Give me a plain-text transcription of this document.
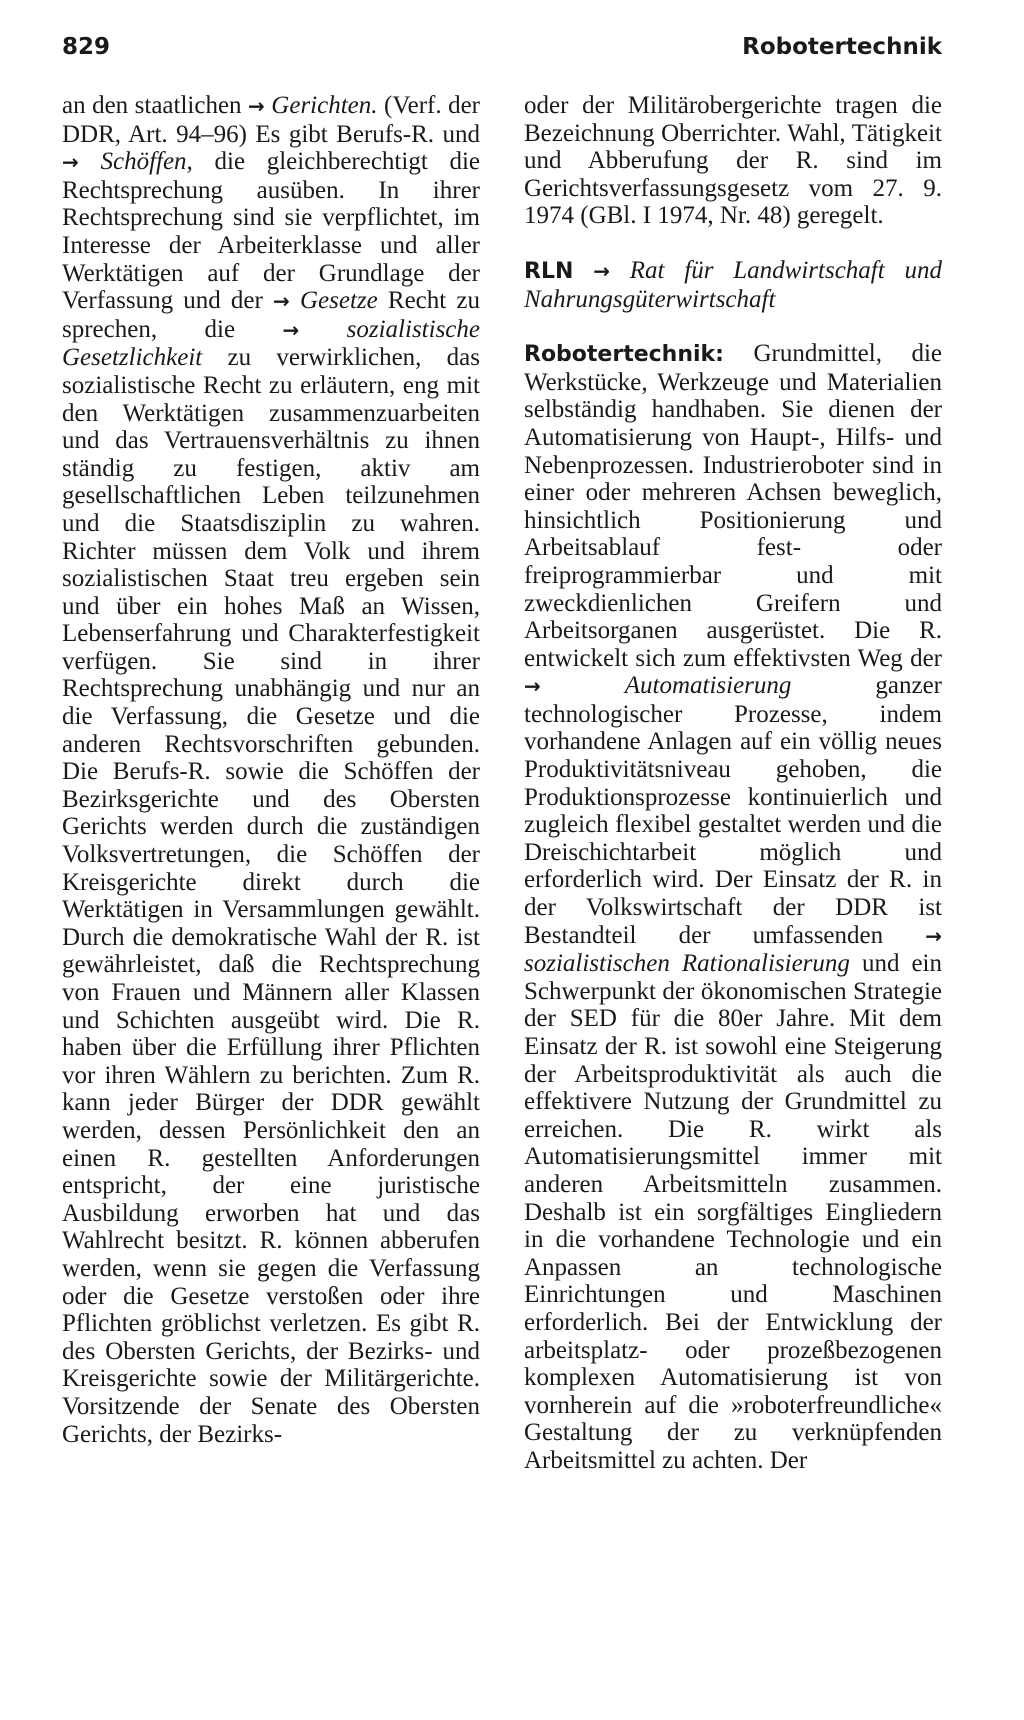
829	Robotertechnik

an den staatlichen → Gerichten. (Verf. der DDR, Art. 94–96) Es gibt Berufs-R. und → Schöffen, die gleichberechtigt die Rechtsprechung ausüben. In ihrer Rechtsprechung sind sie verpflichtet, im Interesse der Arbeiterklasse und aller Werktätigen auf der Grundlage der Verfassung und der → Gesetze Recht zu sprechen, die → sozialistische Gesetzlichkeit zu verwirklichen, das sozialistische Recht zu erläutern, eng mit den Werktätigen zusammenzuarbeiten und das Vertrauensverhältnis zu ihnen ständig zu festigen, aktiv am gesellschaftlichen Leben teilzunehmen und die Staatsdisziplin zu wahren. Richter müssen dem Volk und ihrem sozialistischen Staat treu ergeben sein und über ein hohes Maß an Wissen, Lebenserfahrung und Charakterfestigkeit verfügen. Sie sind in ihrer Rechtsprechung unabhängig und nur an die Verfassung, die Gesetze und die anderen Rechtsvorschriften gebunden. Die Berufs-R. sowie die Schöffen der Bezirksgerichte und des Obersten Gerichts werden durch die zuständigen Volksvertretungen, die Schöffen der Kreisgerichte direkt durch die Werktätigen in Versammlungen gewählt. Durch die demokratische Wahl der R. ist gewährleistet, daß die Rechtsprechung von Frauen und Männern aller Klassen und Schichten ausgeübt wird. Die R. haben über die Erfüllung ihrer Pflichten vor ihren Wählern zu berichten. Zum R. kann jeder Bürger der DDR gewählt werden, dessen Persönlichkeit den an einen R. gestellten Anforderungen entspricht, der eine juristische Ausbildung erworben hat und das Wahlrecht besitzt. R. können abberufen werden, wenn sie gegen die Verfassung oder die Gesetze verstoßen oder ihre Pflichten gröblichst verletzen. Es gibt R. des Obersten Gerichts, der Bezirks- und Kreisgerichte sowie der Militärgerichte. Vorsitzende der Senate des Obersten Gerichts, der Bezirks-

oder der Militärobergerichte tragen die Bezeichnung Oberrichter. Wahl, Tätigkeit und Abberufung der R. sind im Gerichtsverfassungsgesetz vom 27. 9. 1974 (GBl. I 1974, Nr. 48) geregelt.

RLN → Rat für Landwirtschaft und Nahrungsgüterwirtschaft

Robotertechnik: Grundmittel, die Werkstücke, Werkzeuge und Materialien selbständig handhaben. Sie dienen der Automatisierung von Haupt-, Hilfs- und Nebenprozessen. Industrieroboter sind in einer oder mehreren Achsen beweglich, hinsichtlich Positionierung und Arbeitsablauf fest- oder freiprogrammierbar und mit zweckdienlichen Greifern und Arbeitsorganen ausgerüstet. Die R. entwickelt sich zum effektivsten Weg der →	Automatisierung ganzer technologischer Prozesse, indem vorhandene Anlagen auf ein völlig neues Produktivitätsniveau gehoben, die Produktionsprozesse kontinuierlich und zugleich flexibel gestaltet werden und die Dreischichtarbeit möglich und erforderlich wird. Der Einsatz der R. in der Volkswirtschaft der DDR ist Bestandteil der umfassenden → sozialistischen Rationalisierung und ein Schwerpunkt der ökonomischen Strategie der SED für die 80er Jahre. Mit dem Einsatz der R. ist sowohl eine Steigerung der Arbeitsproduktivität als auch die effektivere Nutzung der Grundmittel zu erreichen. Die R. wirkt als Automatisierungsmittel immer mit anderen Arbeitsmitteln zusammen. Deshalb ist ein sorgfältiges Eingliedern in die vorhandene Technologie und ein Anpassen an technologische Einrichtungen und Maschinen erforderlich. Bei der Entwicklung der arbeitsplatz- oder prozeßbezogenen komplexen Automatisierung ist von vornherein auf die »roboterfreundliche« Gestaltung der zu verknüpfenden Arbeitsmittel zu achten. Der
